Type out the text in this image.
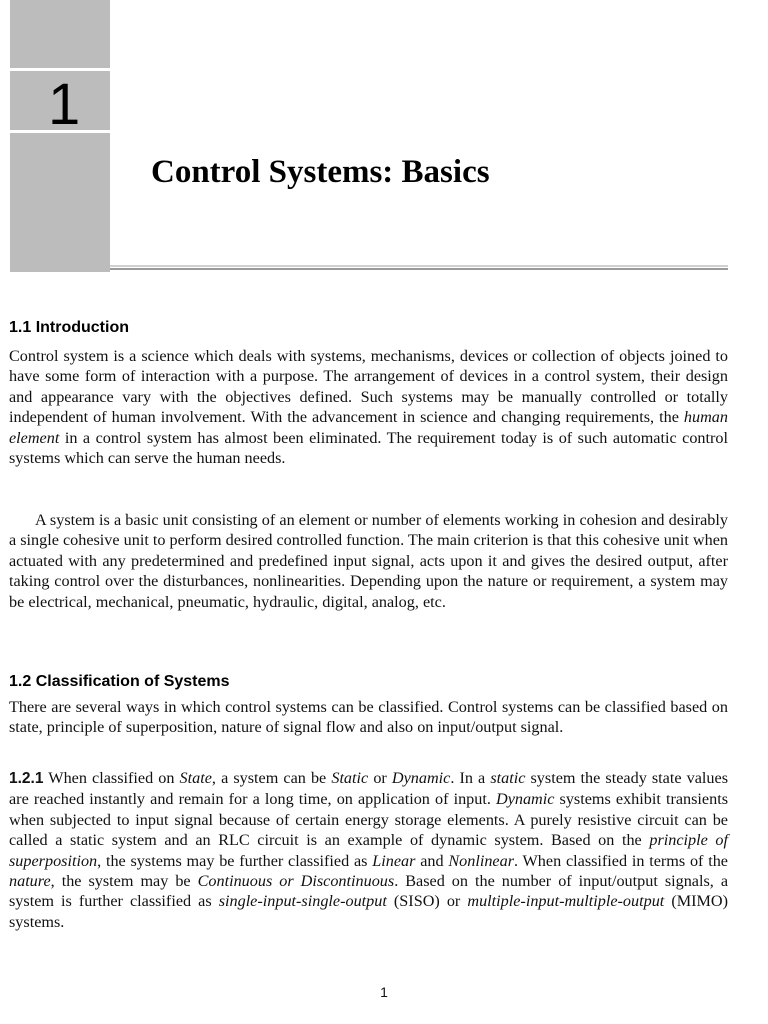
1
Control Systems: Basics
1.1 Introduction

Control system is a science which deals with systems, mechanisms, devices or collection of objects joined to have some form of interaction with a purpose. The arrangement of devices in a control system, their design and appearance vary with the objectives defined. Such systems may be manually controlled or totally independent of human involvement. With the advancement in science and changing requirements, the human element in a control system has almost been eliminated. The requirement today is of such automatic control systems which can serve the human needs.

A system is a basic unit consisting of an element or number of elements working in cohesion and desirably a single cohesive unit to perform desired controlled function. The main criterion is that this cohesive unit when actuated with any predetermined and predefined input signal, acts upon it and gives the desired output, after taking control over the disturbances, nonlinearities. Depending upon the nature or requirement, a system may be electrical, mechanical, pneumatic, hydraulic, digital, analog, etc.

1.2 Classification of Systems

There are several ways in which control systems can be classified. Control systems can be classified based on state, principle of superposition, nature of signal flow and also on input/output signal.

1.2.1 When classified on State, a system can be Static or Dynamic. In a static system the steady state values are reached instantly and remain for a long time, on application of input. Dynamic systems exhibit transients when subjected to input signal because of certain energy storage elements. A purely resistive circuit can be called a static system and an RLC circuit is an example of dynamic system. Based on the principle of superposition, the systems may be further classified as Linear and Nonlinear. When classified in terms of the nature, the system may be Continuous or Discontinuous. Based on the number of input/output signals, a system is further classified as single-input-single-output (SISO) or multiple-input-multiple-output (MIMO) systems.

1
